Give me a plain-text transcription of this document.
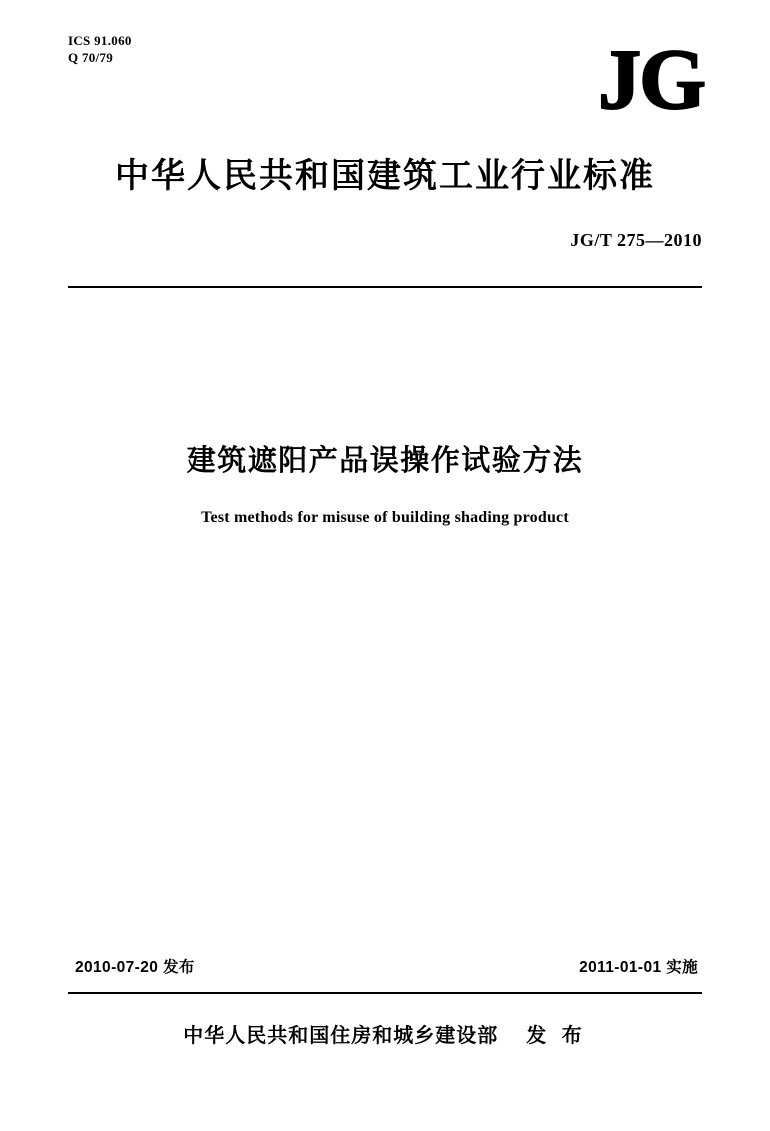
ICS 91.060
Q 70/79	JG
中华人民共和国建筑工业行业标准
JG/T 275—2010
建筑遮阳产品误操作试验方法
Test methods for misuse of building shading product
2010-07-20 发布	2011-01-01 实施
中华人民共和国住房和城乡建设部 发 布
